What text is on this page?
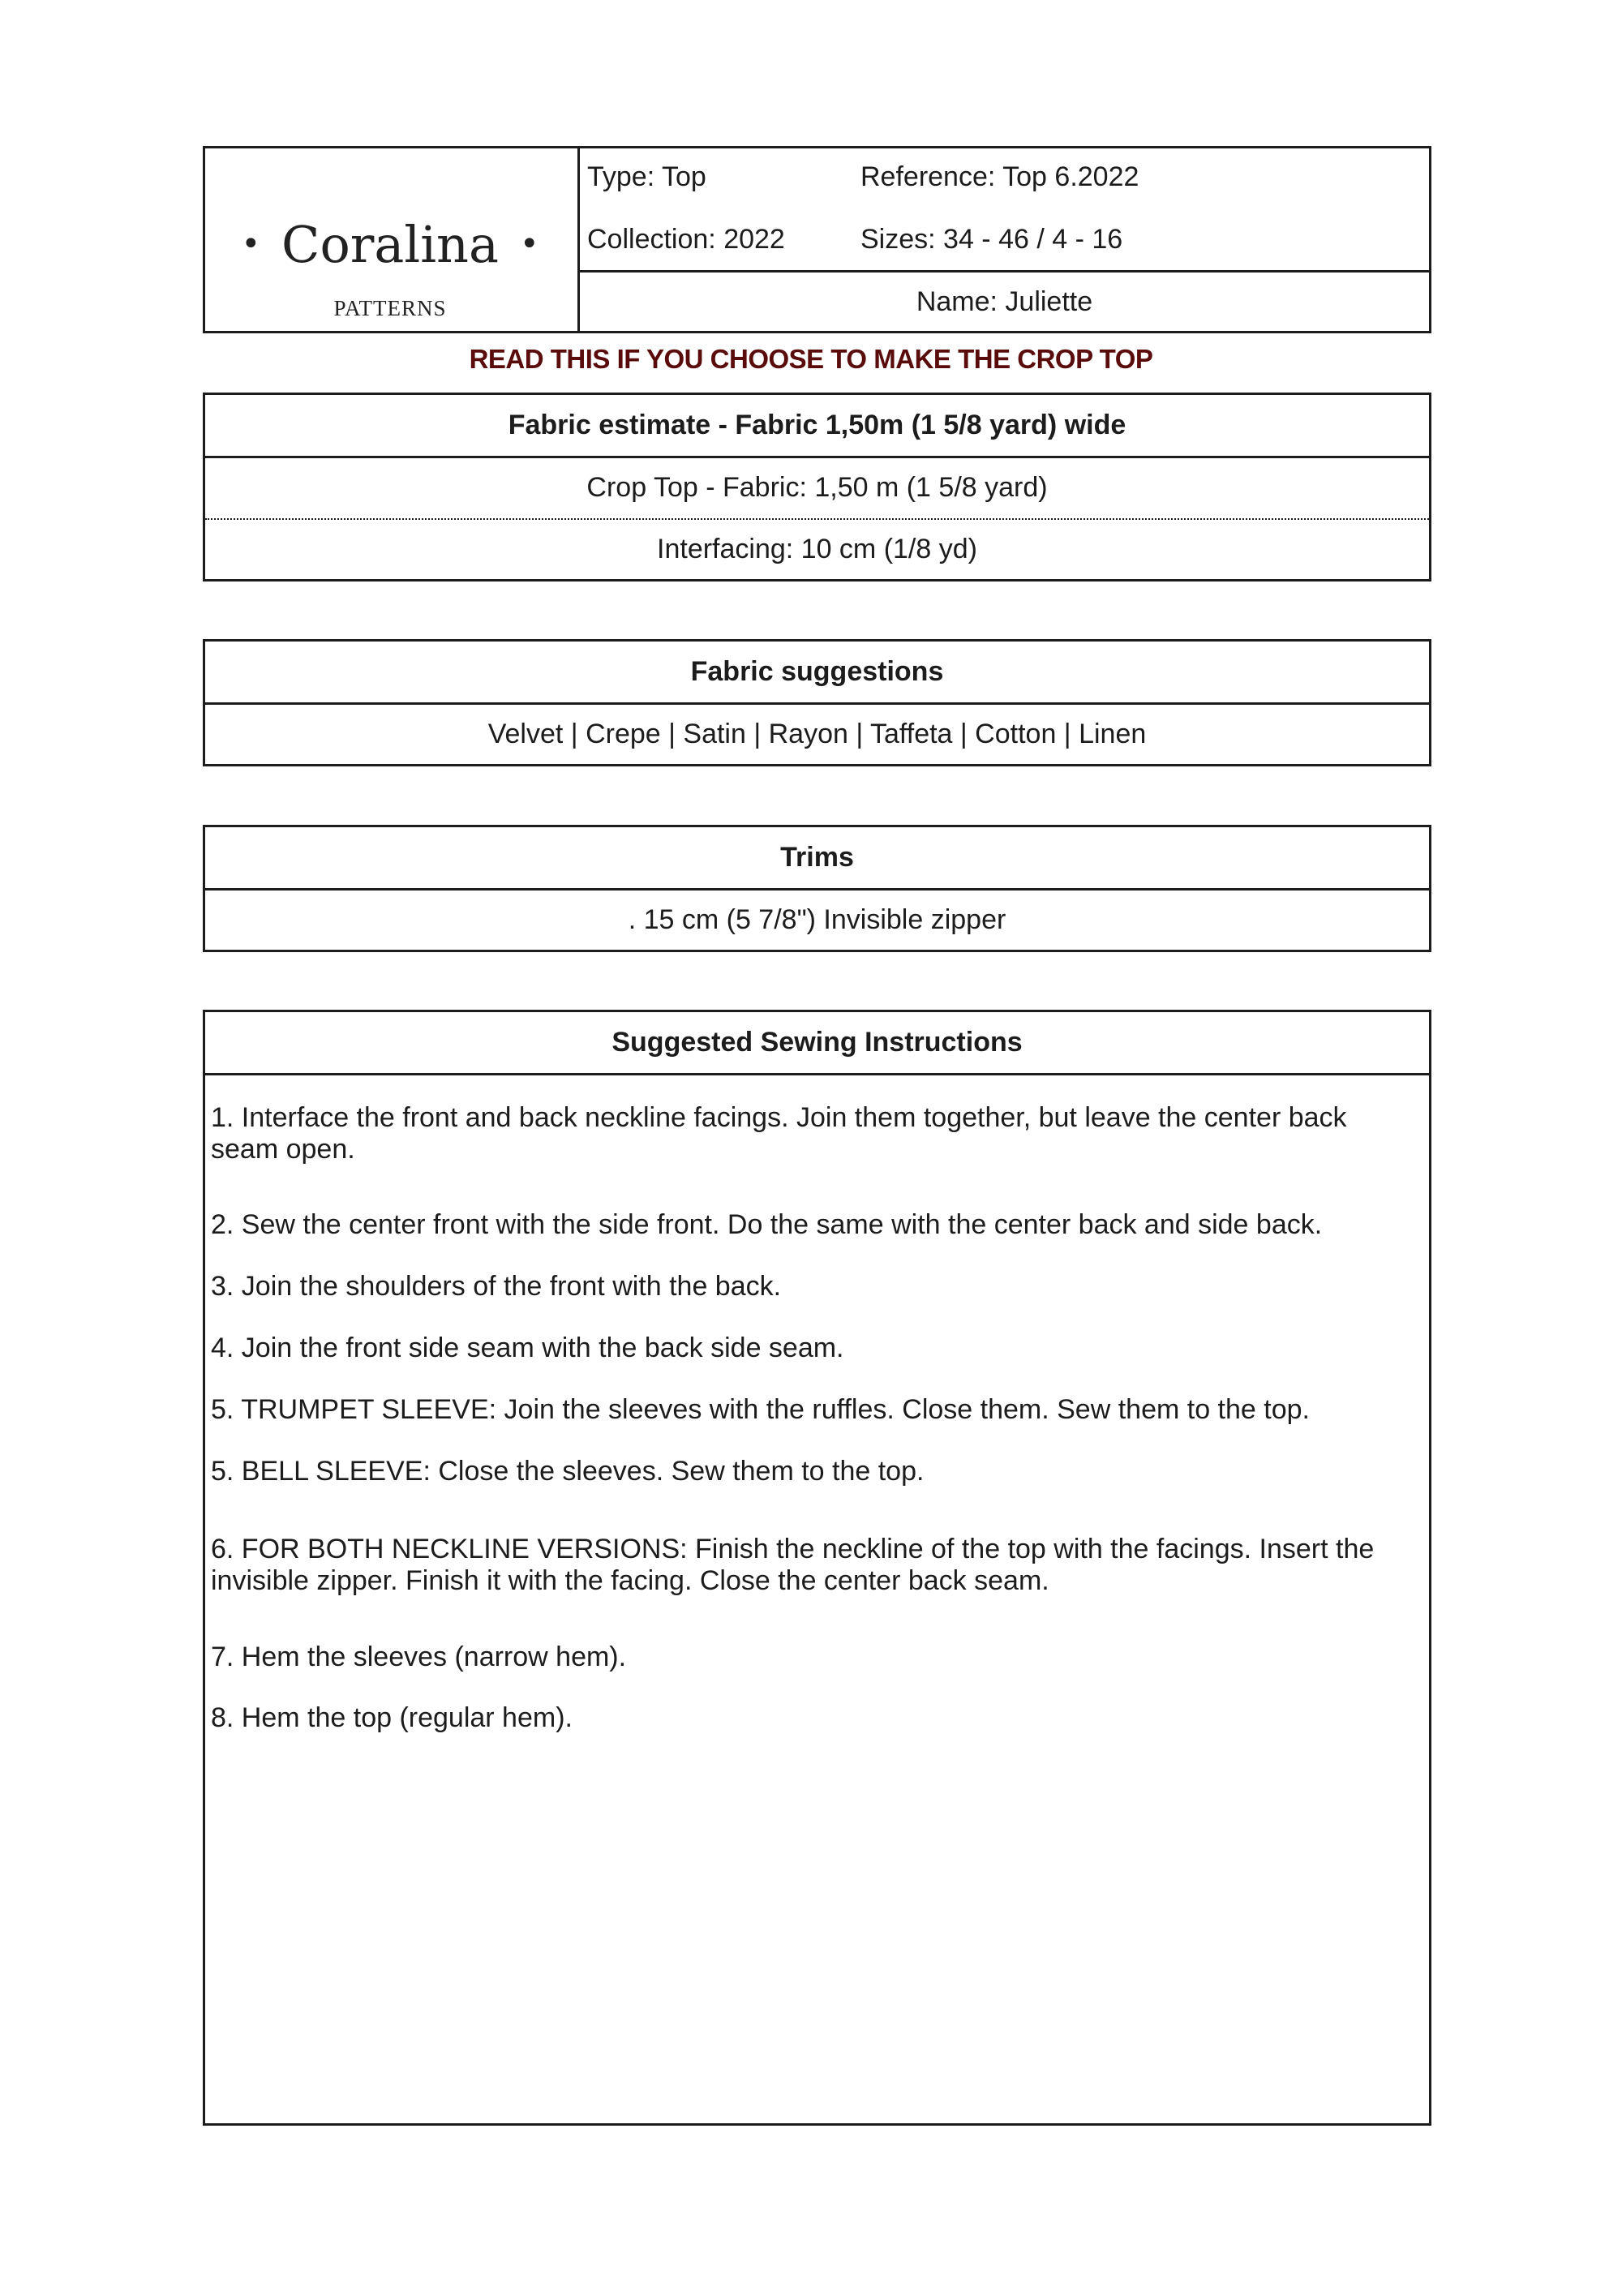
• Coralina •
PATTERNS
Type: Top	Reference: Top 6.2022
Collection: 2022	Sizes: 34 - 46 / 4 - 16
Name: Juliette
READ THIS IF YOU CHOOSE TO MAKE THE CROP TOP
Fabric estimate - Fabric 1,50m (1 5/8 yard) wide
Crop Top - Fabric: 1,50 m (1 5/8 yard)
Interfacing: 10 cm (1/8 yd)
Fabric suggestions
Velvet | Crepe | Satin | Rayon | Taffeta | Cotton | Linen
Trims
. 15 cm (5 7/8") Invisible zipper
Suggested Sewing Instructions
1. Interface the front and back neckline facings. Join them together, but leave the center back seam open.
2. Sew the center front with the side front. Do the same with the center back and side back.
3. Join the shoulders of the front with the back.
4. Join the front side seam with the back side seam.
5. TRUMPET SLEEVE: Join the sleeves with the ruffles. Close them. Sew them to the top.
5. BELL SLEEVE: Close the sleeves. Sew them to the top.
6. FOR BOTH NECKLINE VERSIONS: Finish the neckline of the top with the facings. Insert the invisible zipper. Finish it with the facing. Close the center back seam.
7. Hem the sleeves (narrow hem).
8. Hem the top (regular hem).
